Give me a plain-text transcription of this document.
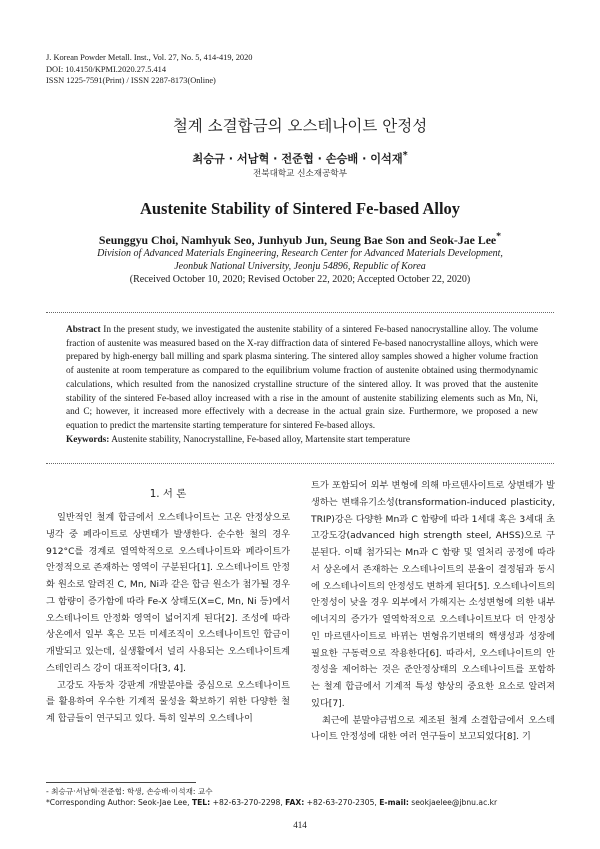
J. Korean Powder Metall. Inst., Vol. 27, No. 5, 414-419, 2020
DOI: 10.4150/KPMI.2020.27.5.414
ISSN 1225-7591(Print) / ISSN 2287-8173(Online)
철계 소결합금의 오스테나이트 안정성
최승규 · 서남혁 · 전준협 · 손승배 · 이석재*
전북대학교 신소재공학부
Austenite Stability of Sintered Fe-based Alloy
Seunggyu Choi, Namhyuk Seo, Junhyub Jun, Seung Bae Son and Seok-Jae Lee*
Division of Advanced Materials Engineering, Research Center for Advanced Materials Development,
Jeonbuk National University, Jeonju 54896, Republic of Korea
(Received October 10, 2020; Revised October 22, 2020; Accepted October 22, 2020)
Abstract In the present study, we investigated the austenite stability of a sintered Fe-based nanocrystalline alloy. The volume fraction of austenite was measured based on the X-ray diffraction data of sintered Fe-based nanocrystalline alloys, which were prepared by high-energy ball milling and spark plasma sintering. The sintered alloy samples showed a higher volume fraction of austenite at room temperature as compared to the equilibrium volume fraction of austenite obtained using thermodynamic calculations, which resulted from the nanosized crystalline structure of the sintered alloy. It was proved that the austenite stability of the sintered Fe-based alloy increased with a rise in the amount of austenite stabilizing elements such as Mn, Ni, and C; however, it increased more effectively with a decrease in the actual grain size. Furthermore, we proposed a new equation to predict the martensite starting temperature for sintered Fe-based alloys.
Keywords: Austenite stability, Nanocrystalline, Fe-based alloy, Martensite start temperature
1. 서 론

일반적인 철계 합금에서 오스테나이트는 고온 안정상으로 냉각 중 페라이트로 상변태가 발생한다. 순수한 철의 경우 912°C를 경계로 열역학적으로 오스테나이트와 페라이트가 안정적으로 존재하는 영역이 구분된다[1]. 오스테나이트 안정화 원소로 알려진 C, Mn, Ni과 같은 합금 원소가 첨가될 경우 그 함량이 증가함에 따라 Fe-X 상태도(X=C, Mn, Ni 등)에서 오스테나이트 안정화 영역이 넓어지게 된다[2]. 조성에 따라 상온에서 일부 혹은 모든 미세조직이 오스테나이트인 합금이 개발되고 있는데, 실생활에서 널리 사용되는 오스테나이트계 스테인리스 강이 대표적이다[3, 4].

고강도 자동차 강판계 개발분야를 중심으로 오스테나이트를 활용하여 우수한 기계적 물성을 확보하기 위한 다양한 철계 합금들이 연구되고 있다. 특히 일부의 오스테나이

트가 포함되어 외부 변형에 의해 마르텐사이트로 상변태가 발생하는 변태유기소성(transformation-induced plasticity, TRIP)강은 다양한 Mn과 C 함량에 따라 1세대 혹은 3세대 초고강도강(advanced high strength steel, AHSS)으로 구분된다. 이때 첨가되는 Mn과 C 함량 및 열처리 공정에 따라서 상온에서 존재하는 오스테나이트의 분율이 결정됨과 동시에 오스테나이트의 안정성도 변하게 된다[5]. 오스테나이트의 안정성이 낮을 경우 외부에서 가해지는 소성변형에 의한 내부 에너지의 증가가 열역학적으로 오스테나이트보다 더 안정상인 마르텐사이트로 바뀌는 변형유기변태의 핵생성과 성장에 필요한 구동력으로 작용한다[6]. 따라서, 오스테나이트의 안정성을 제어하는 것은 준안정상태의 오스테나이트를 포함하는 철계 합금에서 기계적 특성 향상의 중요한 요소로 알려져 있다[7].

최근에 분말야금법으로 제조된 철계 소결합금에서 오스테나이트 안정성에 대한 여러 연구들이 보고되었다[8]. 기

- 최승규·서남혁·전준협: 학생, 손승배·이석재: 교수
*Corresponding Author: Seok-Jae Lee, TEL: +82-63-270-2298, FAX: +82-63-270-2305, E-mail: seokjaelee@jbnu.ac.kr
414
